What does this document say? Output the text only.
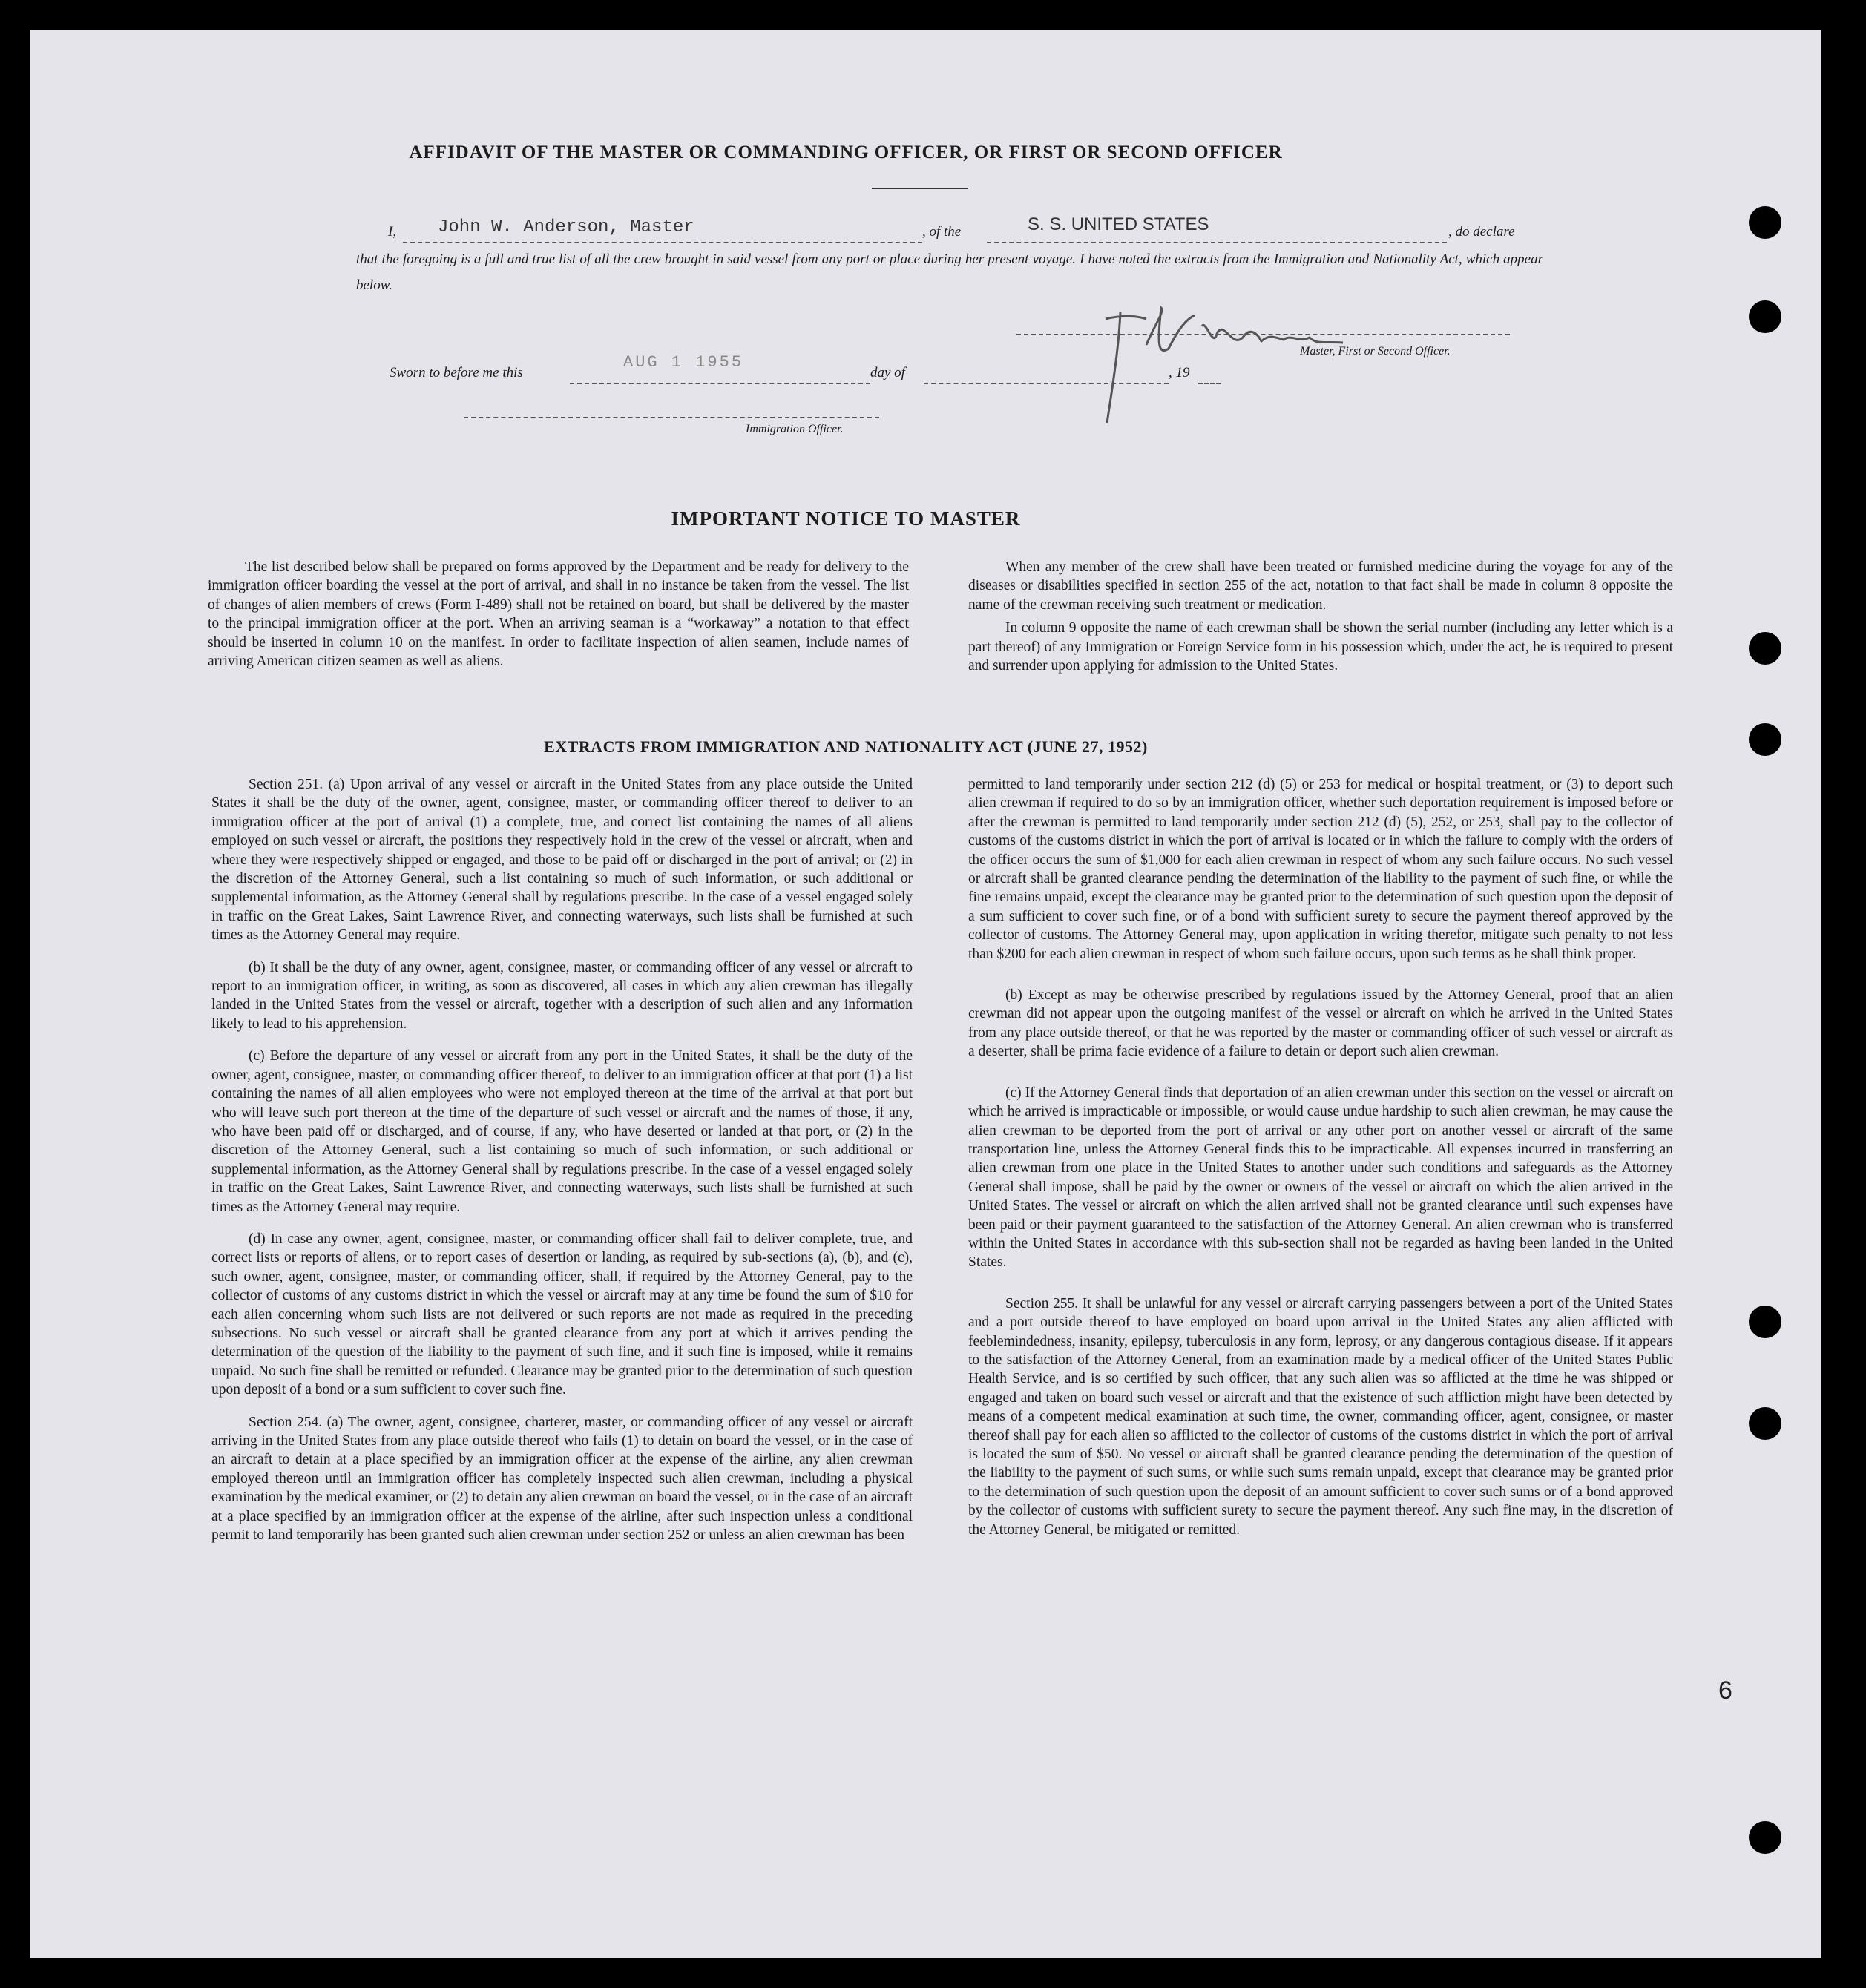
AFFIDAVIT OF THE MASTER OR COMMANDING OFFICER, OR FIRST OR SECOND OFFICER
I, John W. Anderson, Master	, of the	S. S. UNITED STATES	, do declare
that the foregoing is a full and true list of all the crew brought in said vessel from any port or place during her present voyage. I have noted the extracts from the Immigration and Nationality Act, which appear below.
Master, First or Second Officer.
Sworn to before me this
AUG 1 1955
day of	, 19
Immigration Officer.
IMPORTANT NOTICE TO MASTER

The list described below shall be prepared on forms approved by the Department and be ready for delivery to the immigration officer boarding the vessel at the port of arrival, and shall in no instance be taken from the vessel. The list of changes of alien members of crews (Form I-489) shall not be retained on board, but shall be delivered by the master to the principal immigration officer at the port. When an arriving seaman is a “workaway” a notation to that effect should be inserted in column 10 on the manifest. In order to facilitate inspection of alien seamen, include names of arriving American citizen seamen as well as aliens.

When any member of the crew shall have been treated or furnished medicine during the voyage for any of the diseases or disabilities specified in section 255 of the act, notation to that fact shall be made in column 8 opposite the name of the crewman receiving such treatment or medication.

In column 9 opposite the name of each crewman shall be shown the serial number (including any letter which is a part thereof) of any Immigration or Foreign Service form in his possession which, under the act, he is required to present and surrender upon applying for admission to the United States.

EXTRACTS FROM IMMIGRATION AND NATIONALITY ACT (JUNE 27, 1952)

Section 251. (a) Upon arrival of any vessel or aircraft in the United States from any place outside the United States it shall be the duty of the owner, agent, consignee, master, or commanding officer thereof to deliver to an immigration officer at the port of arrival (1) a complete, true, and correct list containing the names of all aliens employed on such vessel or aircraft, the positions they respectively hold in the crew of the vessel or aircraft, when and where they were respectively shipped or engaged, and those to be paid off or discharged in the port of arrival; or (2) in the discretion of the Attorney General, such a list containing so much of such information, or such additional or supplemental information, as the Attorney General shall by regulations prescribe. In the case of a vessel engaged solely in traffic on the Great Lakes, Saint Lawrence River, and connecting waterways, such lists shall be furnished at such times as the Attorney General may require.

(b) It shall be the duty of any owner, agent, consignee, master, or commanding officer of any vessel or aircraft to report to an immigration officer, in writing, as soon as discovered, all cases in which any alien crewman has illegally landed in the United States from the vessel or aircraft, together with a description of such alien and any information likely to lead to his apprehension.

(c) Before the departure of any vessel or aircraft from any port in the United States, it shall be the duty of the owner, agent, consignee, master, or commanding officer thereof, to deliver to an immigration officer at that port (1) a list containing the names of all alien employees who were not employed thereon at the time of the arrival at that port but who will leave such port thereon at the time of the departure of such vessel or aircraft and the names of those, if any, who have been paid off or discharged, and of course, if any, who have deserted or landed at that port, or (2) in the discretion of the Attorney General, such a list containing so much of such information, or such additional or supplemental information, as the Attorney General shall by regulations prescribe. In the case of a vessel engaged solely in traffic on the Great Lakes, Saint Lawrence River, and connecting waterways, such lists shall be furnished at such times as the Attorney General may require.

(d) In case any owner, agent, consignee, master, or commanding officer shall fail to deliver complete, true, and correct lists or reports of aliens, or to report cases of desertion or landing, as required by sub-sections (a), (b), and (c), such owner, agent, consignee, master, or commanding officer, shall, if required by the Attorney General, pay to the collector of customs of any customs district in which the vessel or aircraft may at any time be found the sum of $10 for each alien concerning whom such lists are not delivered or such reports are not made as required in the preceding subsections. No such vessel or aircraft shall be granted clearance from any port at which it arrives pending the determination of the question of the liability to the payment of such fine, and if such fine is imposed, while it remains unpaid. No such fine shall be remitted or refunded. Clearance may be granted prior to the determination of such question upon deposit of a bond or a sum sufficient to cover such fine.

Section 254. (a) The owner, agent, consignee, charterer, master, or commanding officer of any vessel or aircraft arriving in the United States from any place outside thereof who fails (1) to detain on board the vessel, or in the case of an aircraft to detain at a place specified by an immigration officer at the expense of the airline, any alien crewman employed thereon until an immigration officer has completely inspected such alien crewman, including a physical examination by the medical examiner, or (2) to detain any alien crewman on board the vessel, or in the case of an aircraft at a place specified by an immigration officer at the expense of the airline, after such inspection unless a conditional permit to land temporarily has been granted such alien crewman under section 252 or unless an alien crewman has been

permitted to land temporarily under section 212 (d) (5) or 253 for medical or hospital treatment, or (3) to deport such alien crewman if required to do so by an immigration officer, whether such deportation requirement is imposed before or after the crewman is permitted to land temporarily under section 212 (d) (5), 252, or 253, shall pay to the collector of customs of the customs district in which the port of arrival is located or in which the failure to comply with the orders of the officer occurs the sum of $1,000 for each alien crewman in respect of whom any such failure occurs. No such vessel or aircraft shall be granted clearance pending the determination of the liability to the payment of such fine, or while the fine remains unpaid, except the clearance may be granted prior to the determination of such question upon the deposit of a sum sufficient to cover such fine, or of a bond with sufficient surety to secure the payment thereof approved by the collector of customs. The Attorney General may, upon application in writing therefor, mitigate such penalty to not less than $200 for each alien crewman in respect of whom such failure occurs, upon such terms as he shall think proper.

(b) Except as may be otherwise prescribed by regulations issued by the Attorney General, proof that an alien crewman did not appear upon the outgoing manifest of the vessel or aircraft on which he arrived in the United States from any place outside thereof, or that he was reported by the master or commanding officer of such vessel or aircraft as a deserter, shall be prima facie evidence of a failure to detain or deport such alien crewman.

(c) If the Attorney General finds that deportation of an alien crewman under this section on the vessel or aircraft on which he arrived is impracticable or impossible, or would cause undue hardship to such alien crewman, he may cause the alien crewman to be deported from the port of arrival or any other port on another vessel or aircraft of the same transportation line, unless the Attorney General finds this to be impracticable. All expenses incurred in transferring an alien crewman from one place in the United States to another under such conditions and safeguards as the Attorney General shall impose, shall be paid by the owner or owners of the vessel or aircraft on which the alien arrived in the United States. The vessel or aircraft on which the alien arrived shall not be granted clearance until such expenses have been paid or their payment guaranteed to the satisfaction of the Attorney General. An alien crewman who is transferred within the United States in accordance with this sub-section shall not be regarded as having been landed in the United States.

Section 255. It shall be unlawful for any vessel or aircraft carrying passengers between a port of the United States and a port outside thereof to have employed on board upon arrival in the United States any alien afflicted with feeblemindedness, insanity, epilepsy, tuberculosis in any form, leprosy, or any dangerous contagious disease. If it appears to the satisfaction of the Attorney General, from an examination made by a medical officer of the United States Public Health Service, and is so certified by such officer, that any such alien was so afflicted at the time he was shipped or engaged and taken on board such vessel or aircraft and that the existence of such affliction might have been detected by means of a competent medical examination at such time, the owner, commanding officer, agent, consignee, or master thereof shall pay for each alien so afflicted to the collector of customs of the customs district in which the port of arrival is located the sum of $50. No vessel or aircraft shall be granted clearance pending the determination of the question of the liability to the payment of such sums, or while such sums remain unpaid, except that clearance may be granted prior to the determination of such question upon the deposit of an amount sufficient to cover such sums or of a bond approved by the collector of customs with sufficient surety to secure the payment thereof. Any such fine may, in the discretion of the Attorney General, be mitigated or remitted.

6
